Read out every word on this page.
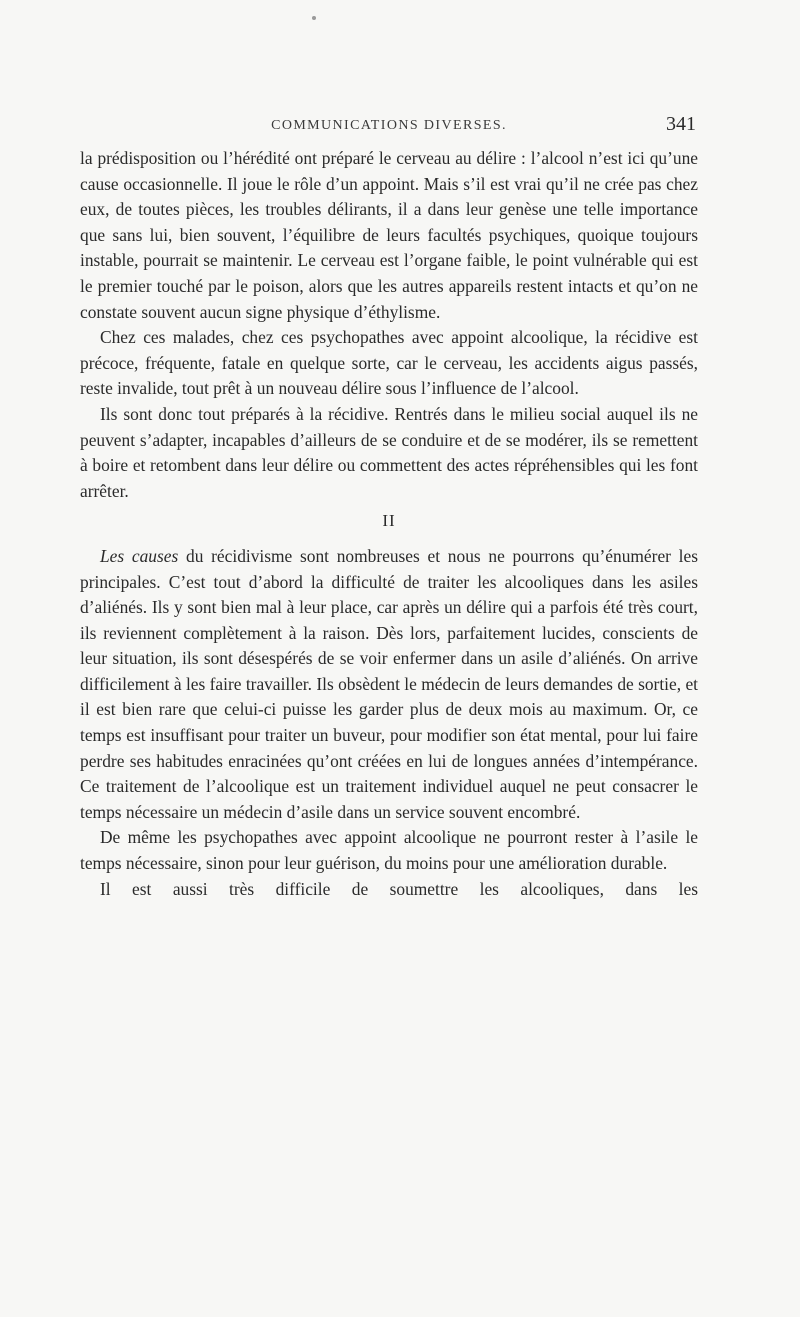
COMMUNICATIONS DIVERSES.	341

la prédisposition ou l’hérédité ont préparé le cerveau au délire : l’alcool n’est ici qu’une cause occasionnelle. Il joue le rôle d’un appoint. Mais s’il est vrai qu’il ne crée pas chez eux, de toutes pièces, les troubles délirants, il a dans leur genèse une telle importance que sans lui, bien souvent, l’équilibre de leurs facultés psychiques, quoique toujours instable, pourrait se maintenir. Le cerveau est l’organe faible, le point vulnérable qui est le premier touché par le poison, alors que les autres appareils restent intacts et qu’on ne constate souvent aucun signe physique d’éthylisme.

Chez ces malades, chez ces psychopathes avec appoint alcoolique, la récidive est précoce, fréquente, fatale en quelque sorte, car le cerveau, les accidents aigus passés, reste invalide, tout prêt à un nouveau délire sous l’influence de l’alcool.

Ils sont donc tout préparés à la récidive. Rentrés dans le milieu social auquel ils ne peuvent s’adapter, incapables d’ailleurs de se conduire et de se modérer, ils se remettent à boire et retombent dans leur délire ou commettent des actes répréhensibles qui les font arrêter.

II

Les causes du récidivisme sont nombreuses et nous ne pourrons qu’énumérer les principales. C’est tout d’abord la difficulté de traiter les alcooliques dans les asiles d’aliénés. Ils y sont bien mal à leur place, car après un délire qui a parfois été très court, ils reviennent complètement à la raison. Dès lors, parfaitement lucides, conscients de leur situation, ils sont désespérés de se voir enfermer dans un asile d’aliénés. On arrive difficilement à les faire travailler. Ils obsèdent le médecin de leurs demandes de sortie, et il est bien rare que celui-ci puisse les garder plus de deux mois au maximum. Or, ce temps est insuffisant pour traiter un buveur, pour modifier son état mental, pour lui faire perdre ses habitudes enracinées qu’ont créées en lui de longues années d’intempérance. Ce traitement de l’alcoolique est un traitement individuel auquel ne peut consacrer le temps nécessaire un médecin d’asile dans un service souvent encombré.

De même les psychopathes avec appoint alcoolique ne pourront rester à l’asile le temps nécessaire, sinon pour leur guérison, du moins pour une amélioration durable.

Il est aussi très difficile de soumettre les alcooliques, dans les
